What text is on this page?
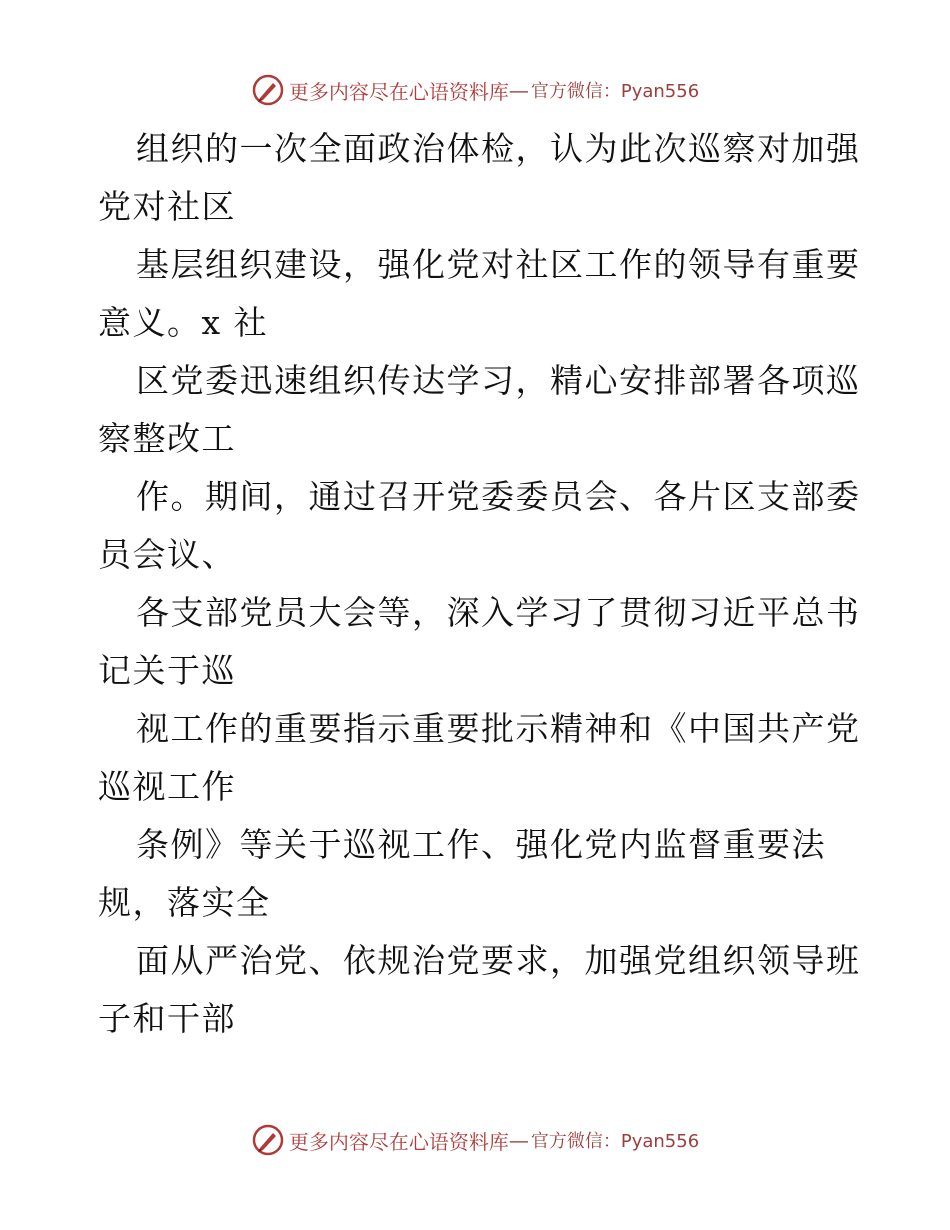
更多内容尽在心语资料库 — 官方微信：Pyan556

组织的一次全面政治体检，认为此次巡察对加强
党对社区

基层组织建设，强化党对社区工作的领导有重要
意义。x 社

区党委迅速组织传达学习，精心安排部署各项巡
察整改工

作。期间，通过召开党委委员会、各片区支部委
员会议、

各支部党员大会等，深入学习了贯彻习近平总书
记关于巡

视工作的重要指示重要批示精神和《中国共产党
巡视工作

条例》等关于巡视工作、强化党内监督重要法
规，落实全

面从严治党、依规治党要求，加强党组织领导班
子和干部

更多内容尽在心语资料库 — 官方微信：Pyan556
